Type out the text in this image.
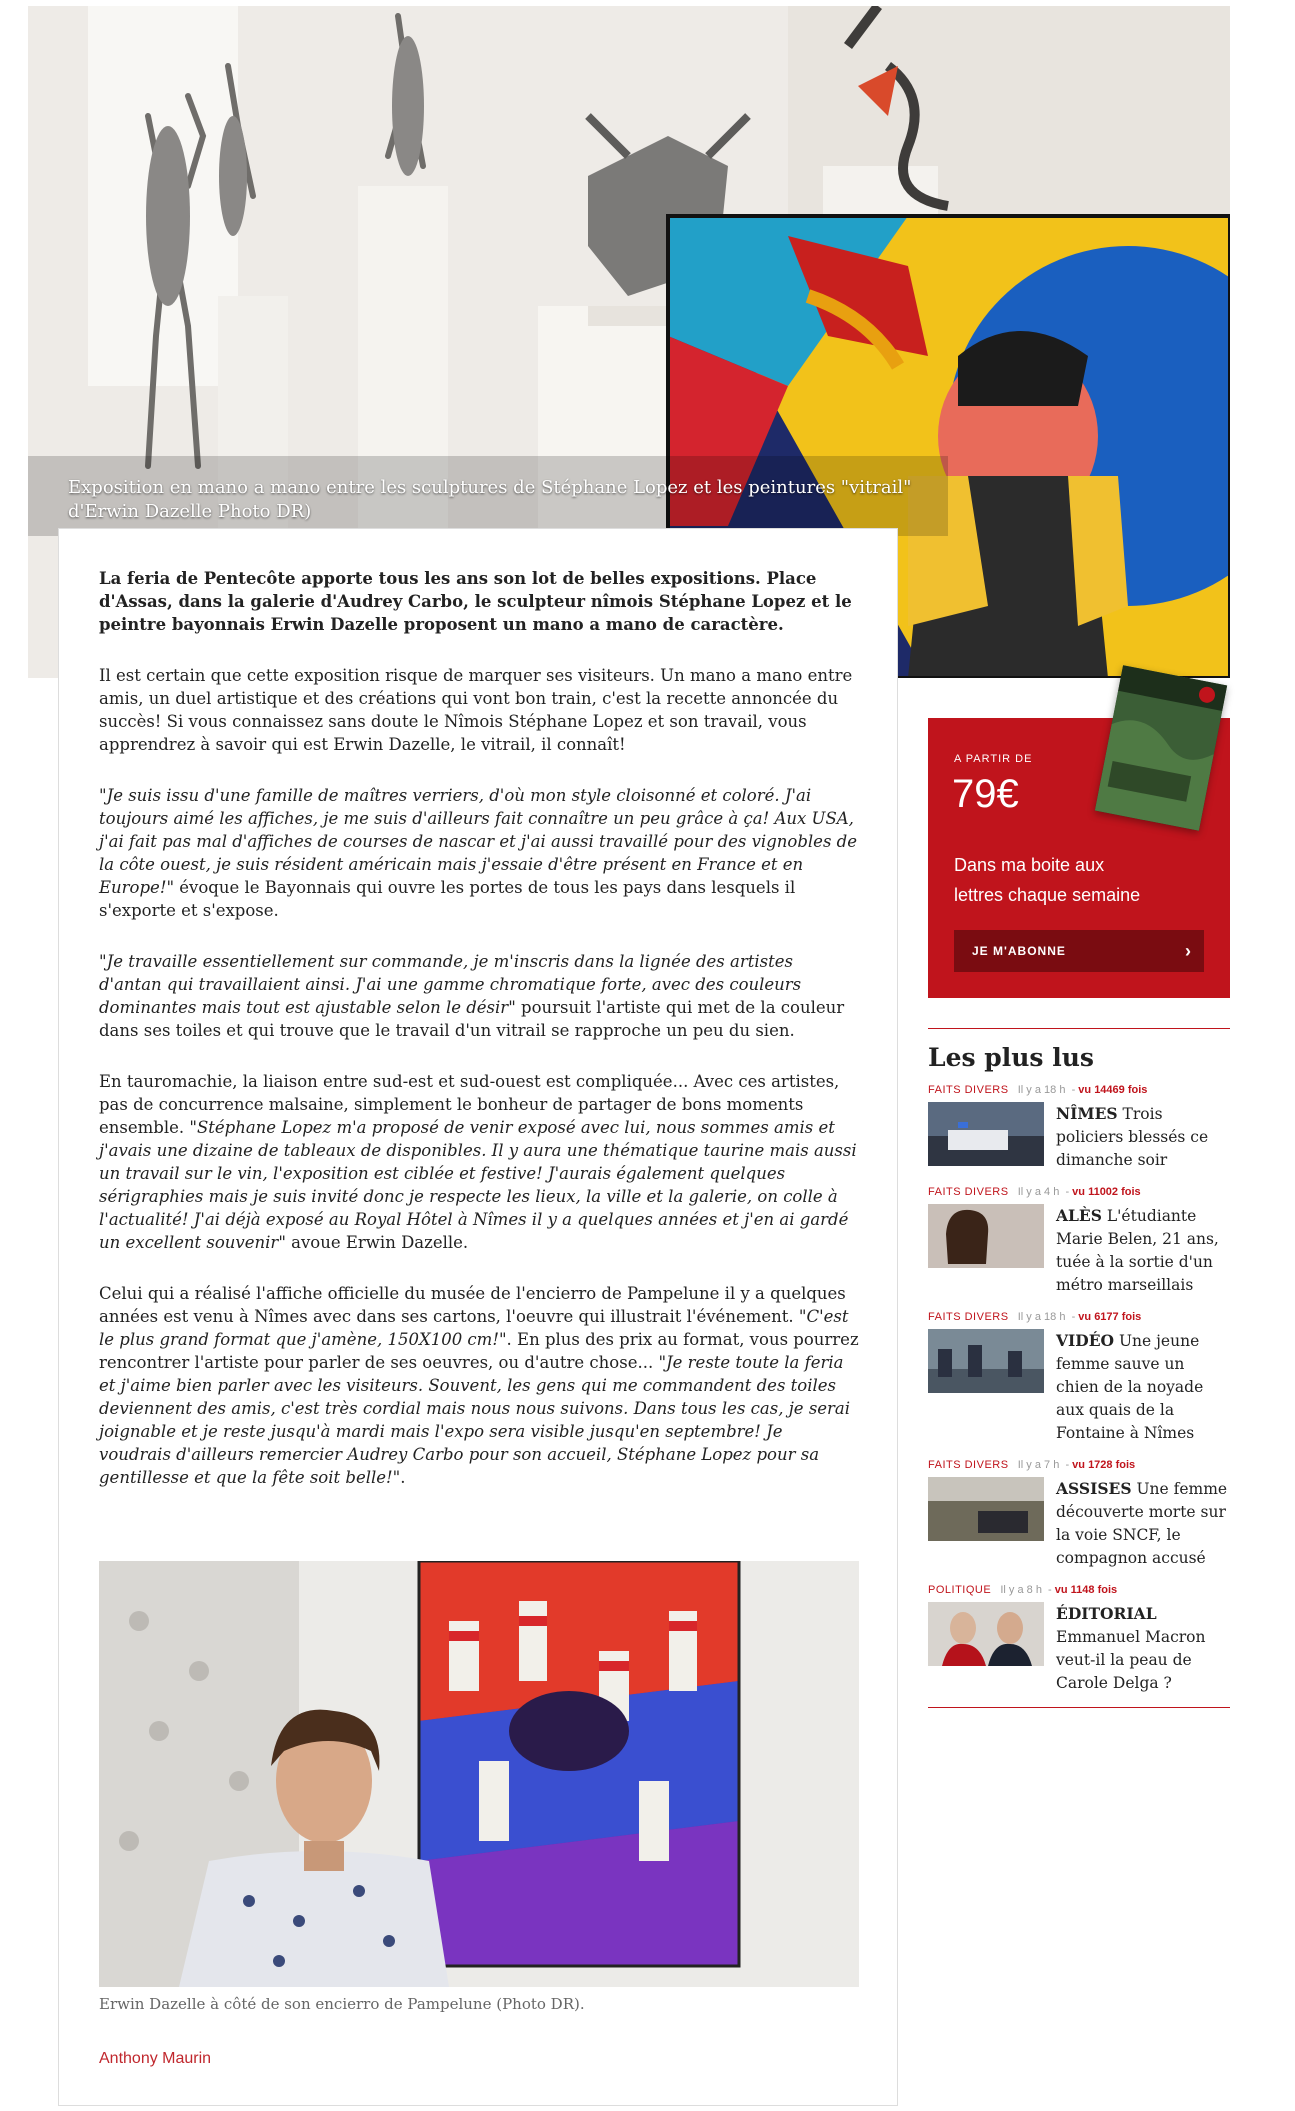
Exposition en mano a mano entre les sculptures de Stéphane Lopez et les peintures "vitrail" d'Erwin Dazelle Photo DR)

La feria de Pentecôte apporte tous les ans son lot de belles expositions. Place d'Assas, dans la galerie d'Audrey Carbo, le sculpteur nîmois Stéphane Lopez et le peintre bayonnais Erwin Dazelle proposent un mano a mano de caractère.

Il est certain que cette exposition risque de marquer ses visiteurs. Un mano a mano entre amis, un duel artistique et des créations qui vont bon train, c'est la recette annoncée du succès! Si vous connaissez sans doute le Nîmois Stéphane Lopez et son travail, vous apprendrez à savoir qui est Erwin Dazelle, le vitrail, il connaît!

"Je suis issu d'une famille de maîtres verriers, d'où mon style cloisonné et coloré. J'ai toujours aimé les affiches, je me suis d'ailleurs fait connaître un peu grâce à ça! Aux USA, j'ai fait pas mal d'affiches de courses de nascar et j'ai aussi travaillé pour des vignobles de la côte ouest, je suis résident américain mais j'essaie d'être présent en France et en Europe!" évoque le Bayonnais qui ouvre les portes de tous les pays dans lesquels il s'exporte et s'expose.

"Je travaille essentiellement sur commande, je m'inscris dans la lignée des artistes d'antan qui travaillaient ainsi. J'ai une gamme chromatique forte, avec des couleurs dominantes mais tout est ajustable selon le désir" poursuit l'artiste qui met de la couleur dans ses toiles et qui trouve que le travail d'un vitrail se rapproche un peu du sien.

En tauromachie, la liaison entre sud-est et sud-ouest est compliquée... Avec ces artistes, pas de concurrence malsaine, simplement le bonheur de partager de bons moments ensemble. "Stéphane Lopez m'a proposé de venir exposé avec lui, nous sommes amis et j'avais une dizaine de tableaux de disponibles. Il y aura une thématique taurine mais aussi un travail sur le vin, l'exposition est ciblée et festive! J'aurais également quelques sérigraphies mais je suis invité donc je respecte les lieux, la ville et la galerie, on colle à l'actualité! J'ai déjà exposé au Royal Hôtel à Nîmes il y a quelques années et j'en ai gardé un excellent souvenir" avoue Erwin Dazelle.

Celui qui a réalisé l'affiche officielle du musée de l'encierro de Pampelune il y a quelques années est venu à Nîmes avec dans ses cartons, l'oeuvre qui illustrait l'événement. "C'est le plus grand format que j'amène, 150X100 cm!". En plus des prix au format, vous pourrez rencontrer l'artiste pour parler de ses oeuvres, ou d'autre chose... "Je reste toute la feria et j'aime bien parler avec les visiteurs. Souvent, les gens qui me commandent des toiles deviennent des amis, c'est très cordial mais nous nous suivons. Dans tous les cas, je serai joignable et je reste jusqu'à mardi mais l'expo sera visible jusqu'en septembre! Je voudrais d'ailleurs remercier Audrey Carbo pour son accueil, Stéphane Lopez pour sa gentillesse et que la fête soit belle!".

Erwin Dazelle à côté de son encierro de Pampelune (Photo DR).
Anthony Maurin
A PARTIR DE
79€
Dans ma boite aux lettres chaque semaine
JE M'ABONNE	›
Les plus lus
FAITS DIVERS Il y a 18 h  - vu 14469 fois
NÎMES Trois policiers blessés ce dimanche soir
FAITS DIVERS Il y a 4 h  - vu 11002 fois
ALÈS L'étudiante Marie Belen, 21 ans, tuée à la sortie d'un métro marseillais
FAITS DIVERS Il y a 18 h  - vu 6177 fois
VIDÉO Une jeune femme sauve un chien de la noyade aux quais de la Fontaine à Nîmes
FAITS DIVERS Il y a 7 h  - vu 1728 fois
ASSISES Une femme découverte morte sur la voie SNCF, le compagnon accusé
POLITIQUE Il y a 8 h  - vu 1148 fois
ÉDITORIAL Emmanuel Macron veut-il la peau de Carole Delga ?
